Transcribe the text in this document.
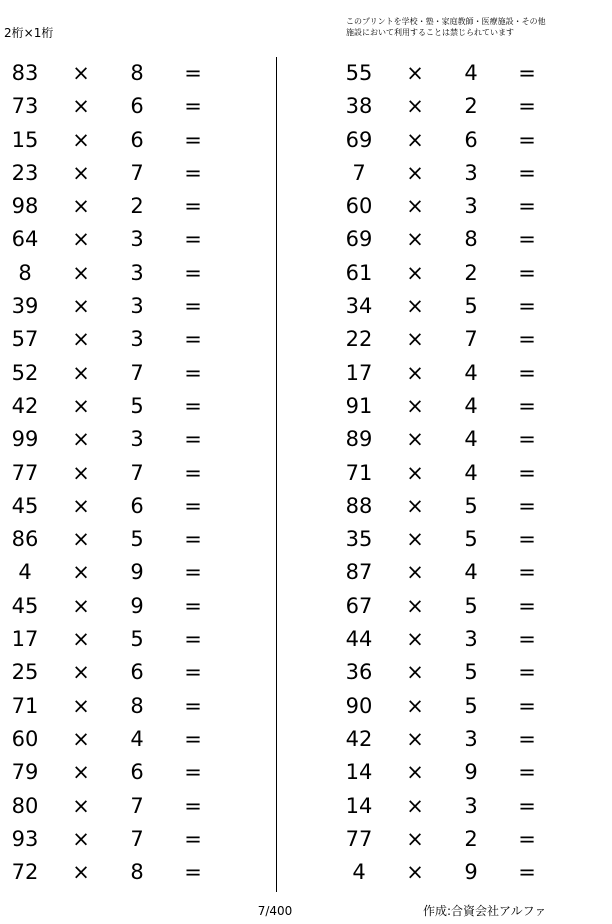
2桁×1桁
このプリントを学校・塾・家庭教師・医療施設・その他
施設において利用することは禁じられています
83	×	8	=
73	×	6	=
15	×	6	=
23	×	7	=
98	×	2	=
64	×	3	=
8	×	3	=
39	×	3	=
57	×	3	=
52	×	7	=
42	×	5	=
99	×	3	=
77	×	7	=
45	×	6	=
86	×	5	=
4	×	9	=
45	×	9	=
17	×	5	=
25	×	6	=
71	×	8	=
60	×	4	=
79	×	6	=
80	×	7	=
93	×	7	=
72	×	8	=
55	×	4	=
38	×	2	=
69	×	6	=
7	×	3	=
60	×	3	=
69	×	8	=
61	×	2	=
34	×	5	=
22	×	7	=
17	×	4	=
91	×	4	=
89	×	4	=
71	×	4	=
88	×	5	=
35	×	5	=
87	×	4	=
67	×	5	=
44	×	3	=
36	×	5	=
90	×	5	=
42	×	3	=
14	×	9	=
14	×	3	=
77	×	2	=
4	×	9	=
7/400	作成:合資会社アルファ
